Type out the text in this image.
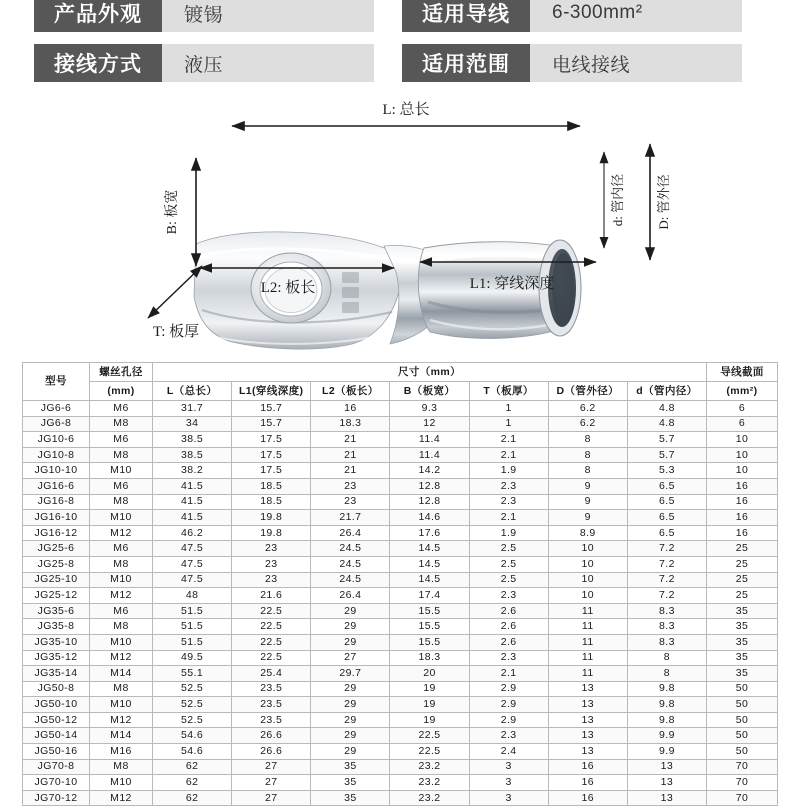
产品外观	镀锡	适用导线	6-300mm²
接线方式	液压	适用范围	电线接线
L: 总长
B: 板宽	d: 管内径 D: 管外径
L2: 板长	L1: 穿线深度
T: 板厚
型号	螺丝孔径	尺寸（mm）							导线截面
	(mm)	L（总长）	L1(穿线深度)	L2（板长）	B（板宽）	T（板厚）	D（管外径）	d（管内径）	(mm²)
JG6-6	M6	31.7	15.7	16	9.3	1	6.2	4.8	6
JG6-8	M8	34	15.7	18.3	12	1	6.2	4.8	6
JG10-6	M6	38.5	17.5	21	11.4	2.1	8	5.7	10
JG10-8	M8	38.5	17.5	21	11.4	2.1	8	5.7	10
JG10-10	M10	38.2	17.5	21	14.2	1.9	8	5.3	10
JG16-6	M6	41.5	18.5	23	12.8	2.3	9	6.5	16
JG16-8	M8	41.5	18.5	23	12.8	2.3	9	6.5	16
JG16-10	M10	41.5	19.8	21.7	14.6	2.1	9	6.5	16
JG16-12	M12	46.2	19.8	26.4	17.6	1.9	8.9	6.5	16
JG25-6	M6	47.5	23	24.5	14.5	2.5	10	7.2	25
JG25-8	M8	47.5	23	24.5	14.5	2.5	10	7.2	25
JG25-10	M10	47.5	23	24.5	14.5	2.5	10	7.2	25
JG25-12	M12	48	21.6	26.4	17.4	2.3	10	7.2	25
JG35-6	M6	51.5	22.5	29	15.5	2.6	11	8.3	35
JG35-8	M8	51.5	22.5	29	15.5	2.6	11	8.3	35
JG35-10	M10	51.5	22.5	29	15.5	2.6	11	8.3	35
JG35-12	M12	49.5	22.5	27	18.3	2.3	11	8	35
JG35-14	M14	55.1	25.4	29.7	20	2.1	11	8	35
JG50-8	M8	52.5	23.5	29	19	2.9	13	9.8	50
JG50-10	M10	52.5	23.5	29	19	2.9	13	9.8	50
JG50-12	M12	52.5	23.5	29	19	2.9	13	9.8	50
JG50-14	M14	54.6	26.6	29	22.5	2.3	13	9.9	50
JG50-16	M16	54.6	26.6	29	22.5	2.4	13	9.9	50
JG70-8	M8	62	27	35	23.2	3	16	13	70
JG70-10	M10	62	27	35	23.2	3	16	13	70
JG70-12	M12	62	27	35	23.2	3	16	13	70
